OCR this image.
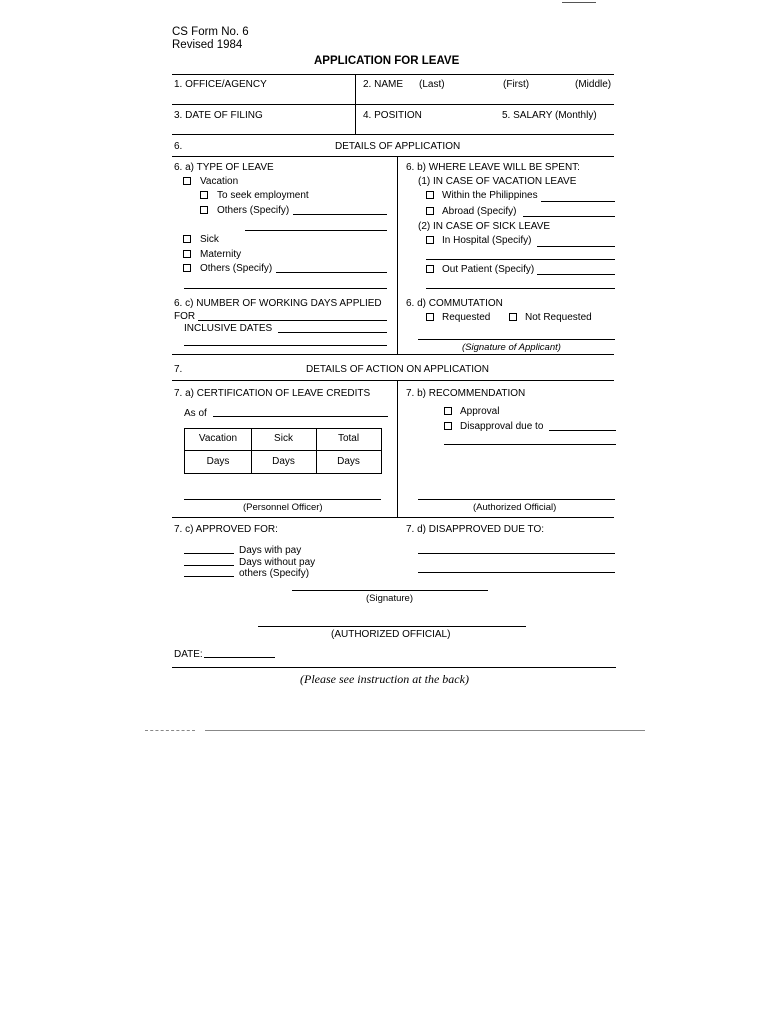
CS Form No. 6
Revised 1984
APPLICATION FOR LEAVE
1. OFFICE/AGENCY	2. NAME (Last)	(First)	(Middle)
3. DATE OF FILING	4. POSITION	5. SALARY (Monthly)
6.	DETAILS OF APPLICATION
6. a) TYPE OF LEAVE
Vacation
To seek employment
Others (Specify)
Sick
Maternity
Others (Specify)
6. b) WHERE LEAVE WILL BE SPENT:
(1) IN CASE OF VACATION LEAVE
Within the Philippines
Abroad (Specify)
(2) IN CASE OF SICK LEAVE
In Hospital (Specify)
Out Patient (Specify)
6. c) NUMBER OF WORKING DAYS APPLIED
FOR
INCLUSIVE DATES
6. d) COMMUTATION
Requested	Not Requested
(Signature of Applicant)
7.	DETAILS OF ACTION ON APPLICATION
7. a) CERTIFICATION OF LEAVE CREDITS
As of
Vacation	Sick	Total
Days	Days	Days
(Personnel Officer)
7. b) RECOMMENDATION
Approval
Disapproval due to
(Authorized Official)
7. c) APPROVED FOR:
Days with pay
Days without pay
others (Specify)
7. d) DISAPPROVED DUE TO:
(Signature)
(AUTHORIZED OFFICIAL)
DATE:
(Please see instruction at the back)
